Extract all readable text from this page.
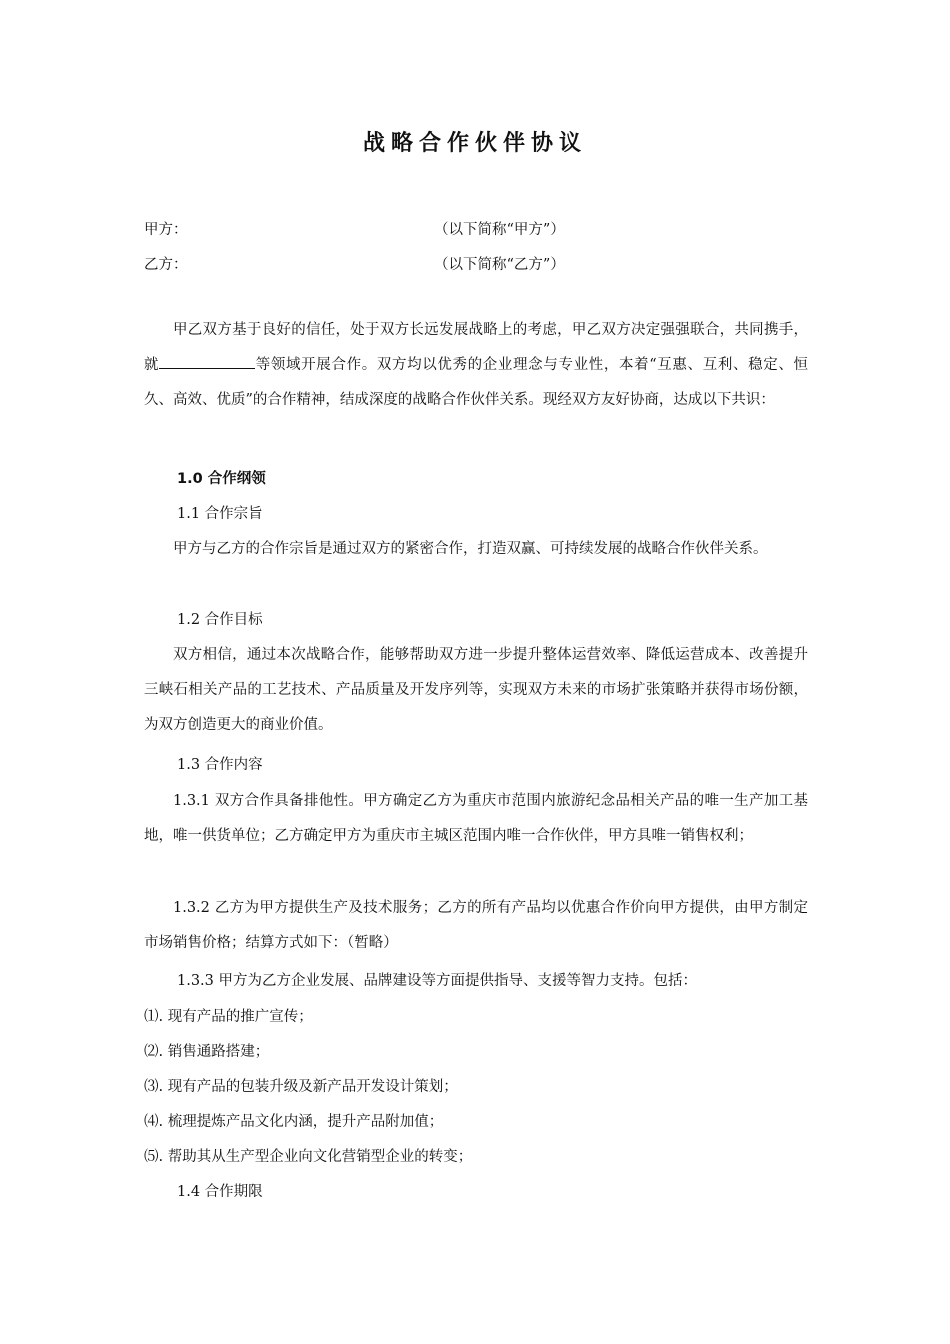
战略合作伙伴协议
甲方：	（以下简称“甲方”）
乙方：	（以下简称“乙方”）

甲乙双方基于良好的信任，处于双方长远发展战略上的考虑，甲乙双方决定强强联合，共同携手，就	等领域开展合作。双方均以优秀的企业理念与专业性，本着“互惠、互利、稳定、恒久、高效、优质”的合作精神，结成深度的战略合作伙伴关系。现经双方友好协商，达成以下共识：

1.0 合作纲领
1.1 合作宗旨

甲方与乙方的合作宗旨是通过双方的紧密合作，打造双赢、可持续发展的战略合作伙伴关系。

1.2 合作目标

双方相信，通过本次战略合作，能够帮助双方进一步提升整体运营效率、降低运营成本、改善提升三峡石相关产品的工艺技术、产品质量及开发序列等，实现双方未来的市场扩张策略并获得市场份额，为双方创造更大的商业价值。

1.3 合作内容

1.3.1 双方合作具备排他性。甲方确定乙方为重庆市范围内旅游纪念品相关产品的唯一生产加工基地，唯一供货单位；乙方确定甲方为重庆市主城区范围内唯一合作伙伴，甲方具唯一销售权利；

1.3.2 乙方为甲方提供生产及技术服务；乙方的所有产品均以优惠合作价向甲方提供，由甲方制定市场销售价格；结算方式如下：（暂略）

1.3.3 甲方为乙方企业发展、品牌建设等方面提供指导、支援等智力支持。包括：
⑴. 现有产品的推广宣传；
⑵. 销售通路搭建；
⑶. 现有产品的包装升级及新产品开发设计策划；
⑷. 梳理提炼产品文化内涵，提升产品附加值；
⑸. 帮助其从生产型企业向文化营销型企业的转变；
1.4 合作期限
